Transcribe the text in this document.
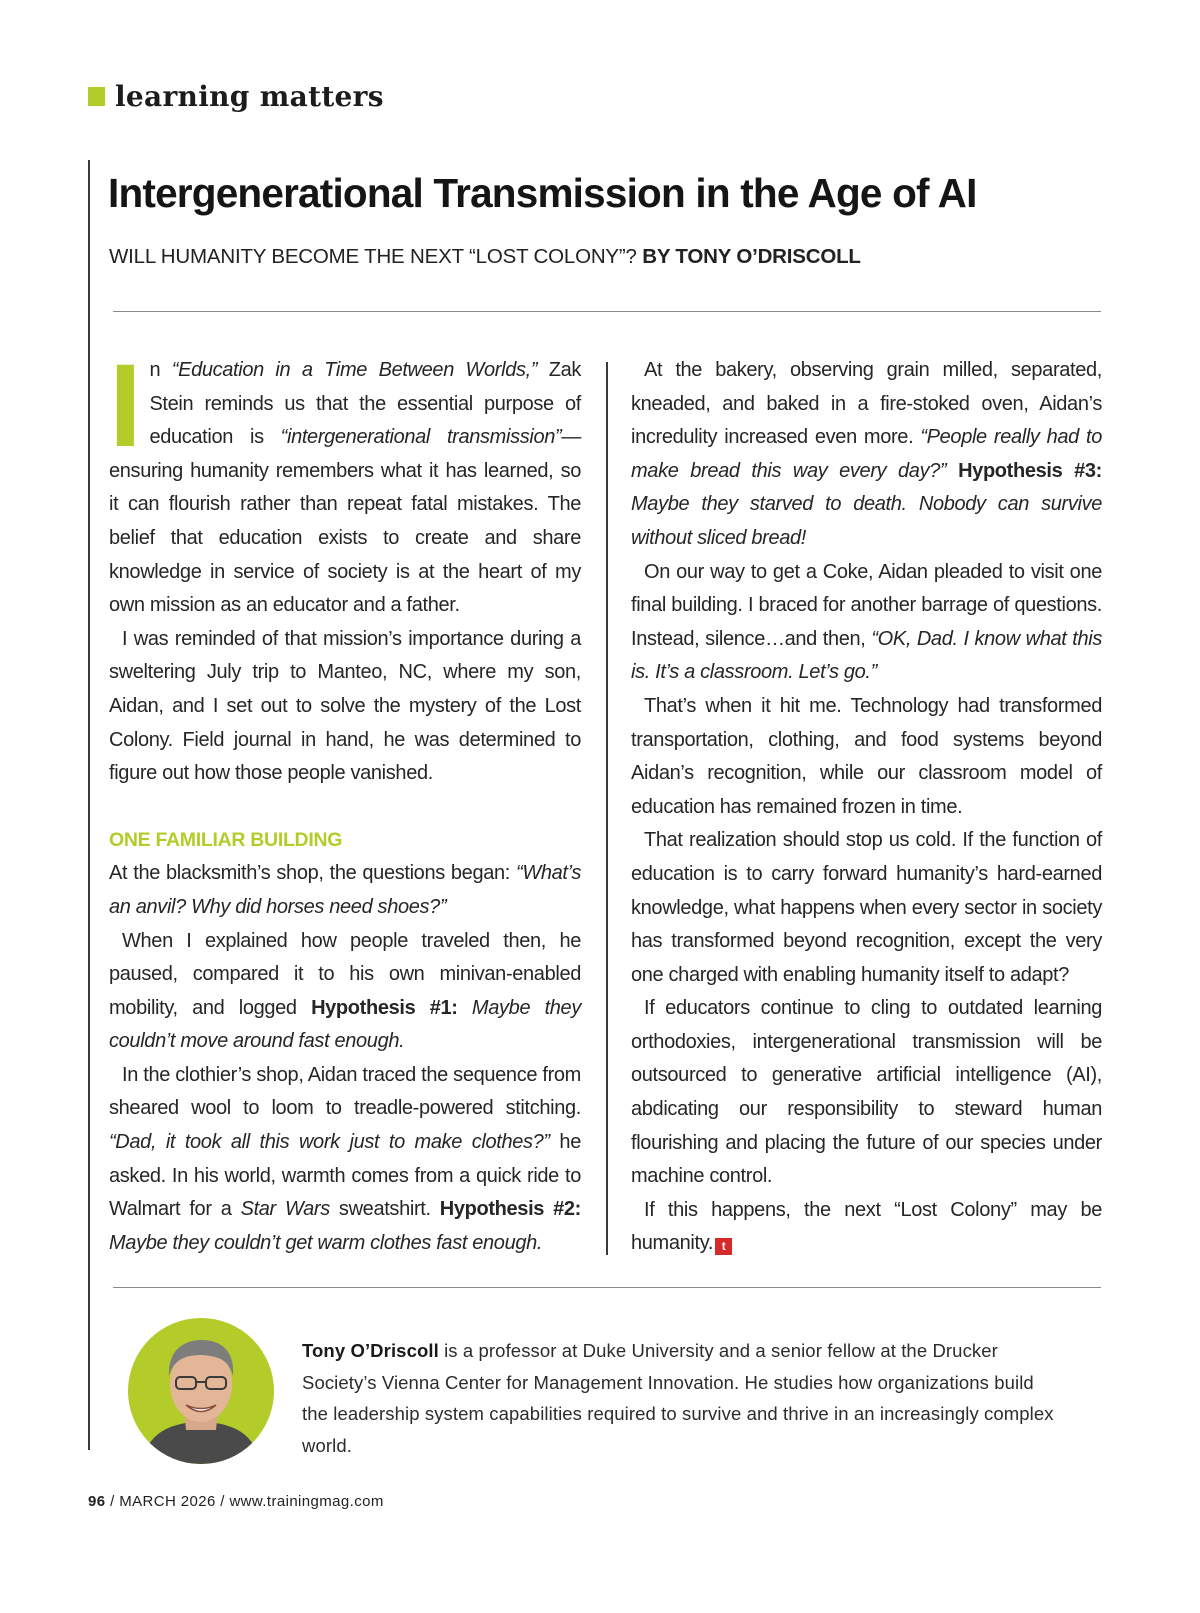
learning matters
Intergenerational Transmission in the Age of AI
WILL HUMANITY BECOME THE NEXT “LOST COLONY”? BY TONY O’DRISCOLL

In “Education in a Time Between Worlds,” Zak Stein reminds us that the essential purpose of education is “intergenerational transmission”— ensuring humanity remembers what it has learned, so it can flourish rather than repeat fatal mistakes. The belief that education exists to create and share knowledge in service of society is at the heart of my own mission as an educator and a father.

I was reminded of that mission’s importance during a sweltering July trip to Manteo, NC, where my son, Aidan, and I set out to solve the mystery of the Lost Colony. Field journal in hand, he was determined to figure out how those people vanished.

ONE FAMILIAR BUILDING

At the blacksmith’s shop, the questions began: “What’s an anvil? Why did horses need shoes?”

When I explained how people traveled then, he paused, compared it to his own minivan-enabled mobility, and logged Hypothesis #1: Maybe they couldn’t move around fast enough.

In the clothier’s shop, Aidan traced the sequence from sheared wool to loom to treadle-powered stitching. “Dad, it took all this work just to make clothes?” he asked. In his world, warmth comes from a quick ride to Walmart for a Star Wars sweatshirt. Hypothesis #2: Maybe they couldn’t get warm clothes fast enough.

At the bakery, observing grain milled, separated, kneaded, and baked in a fire-stoked oven, Aidan’s incredulity increased even more. “People really had to make bread this way every day?” Hypothesis #3: Maybe they starved to death. Nobody can survive without sliced bread!

On our way to get a Coke, Aidan pleaded to visit one final building. I braced for another barrage of questions. Instead, silence…and then, “OK, Dad. I know what this is. It’s a classroom. Let’s go.”

That’s when it hit me. Technology had transformed transportation, clothing, and food systems beyond Aidan’s recognition, while our classroom model of education has remained frozen in time.

That realization should stop us cold. If the function of education is to carry forward humanity’s hard-earned knowledge, what happens when every sector in society has transformed beyond recognition, except the very one charged with enabling humanity itself to adapt?

If educators continue to cling to outdated learning orthodoxies, intergenerational transmission will be outsourced to generative artificial intelligence (AI), abdicating our responsibility to steward human flourishing and placing the future of our species under machine control.

If this happens, the next “Lost Colony” may be humanity. t

Tony O’Driscoll is a professor at Duke University and a senior fellow at the Drucker Society’s Vienna Center for Management Innovation. He studies how organizations build the leadership system capabilities required to survive and thrive in an increasingly complex world.
96 / MARCH 2026 / www.trainingmag.com
